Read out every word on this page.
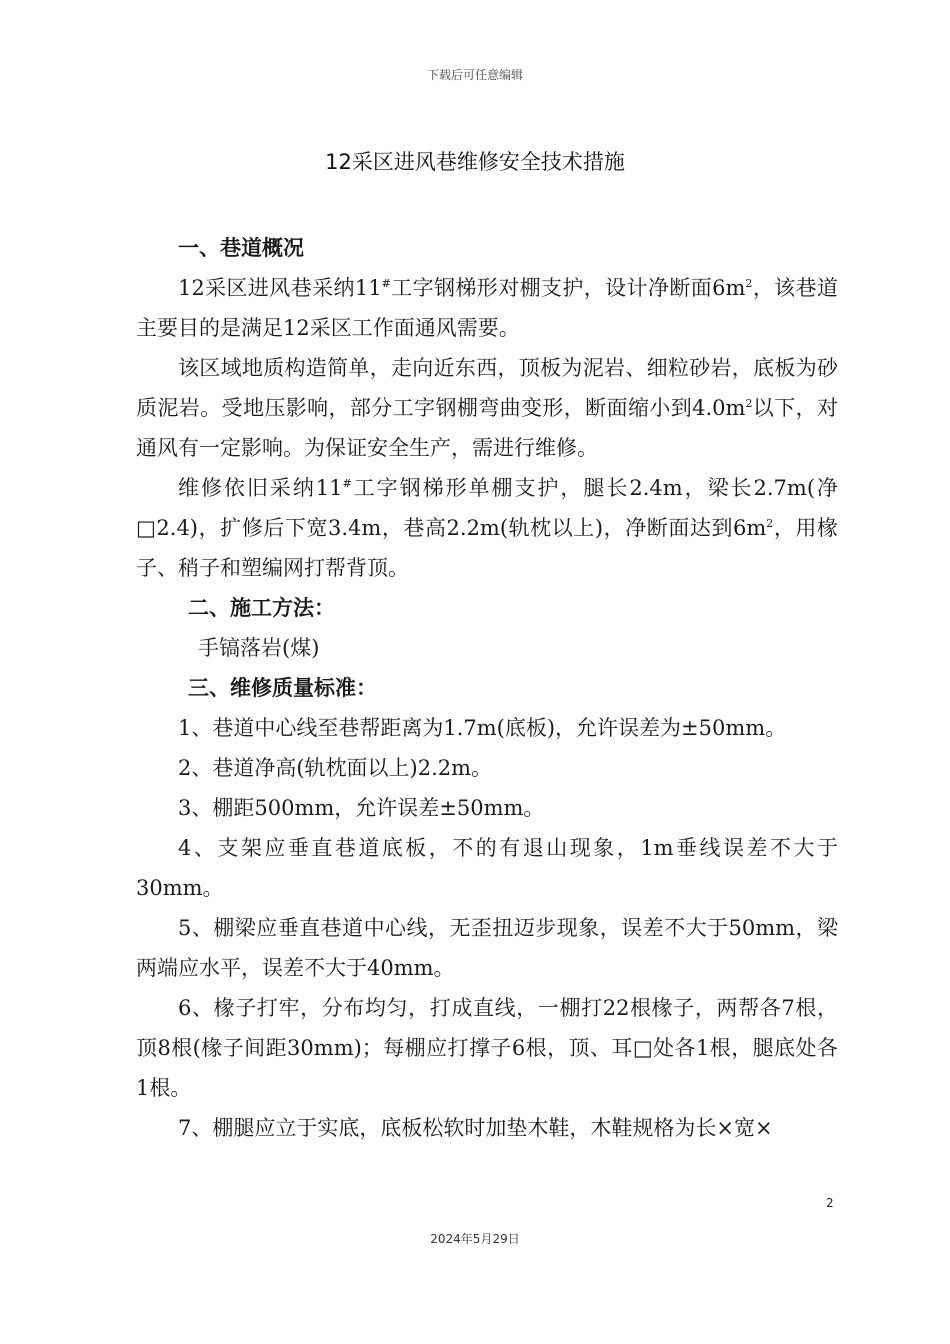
下载后可任意编辑
12采区进风巷维修安全技术措施

一、巷道概况

12采区进风巷采纳11#工字钢梯形对棚支护，设计净断面$6m^2$，该巷道主要目的是满足12采区工作面通风需要。

该区域地质构造简单，走向近东西，顶板为泥岩、细粒砂岩，底板为砂质泥岩。受地压影响，部分工字钢棚弯曲变形，断面缩小到$4.0m^2$以下，对通风有一定影响。为保证安全生产，需进行维修。

维修依旧采纳11#工字钢梯形单棚支护，腿长2.4m，梁长2.7m(净□2.4)，扩修后下宽3.4m，巷高2.2m(轨枕以上)，净断面达到$6m^2$，用椽子、稍子和塑编网打帮背顶。

二、施工方法：

手镐落岩(煤)

三、维修质量标准：

1、巷道中心线至巷帮距离为1.7m(底板)，允许误差为±50mm。

2、巷道净高(轨枕面以上)2.2m。

3、棚距500mm，允许误差±50mm。

4、支架应垂直巷道底板，不的有退山现象，1m垂线误差不大于30mm。

5、棚梁应垂直巷道中心线，无歪扭迈步现象，误差不大于50mm，梁两端应水平，误差不大于40mm。

6、椽子打牢，分布均匀，打成直线，一棚打22根椽子，两帮各7根，顶8根(椽子间距30mm)；每棚应打撑子6根，顶、耳□处各1根，腿底处各1根。

7、棚腿应立于实底，底板松软时加垫木鞋，木鞋规格为长×宽×

2
2024年5月29日
